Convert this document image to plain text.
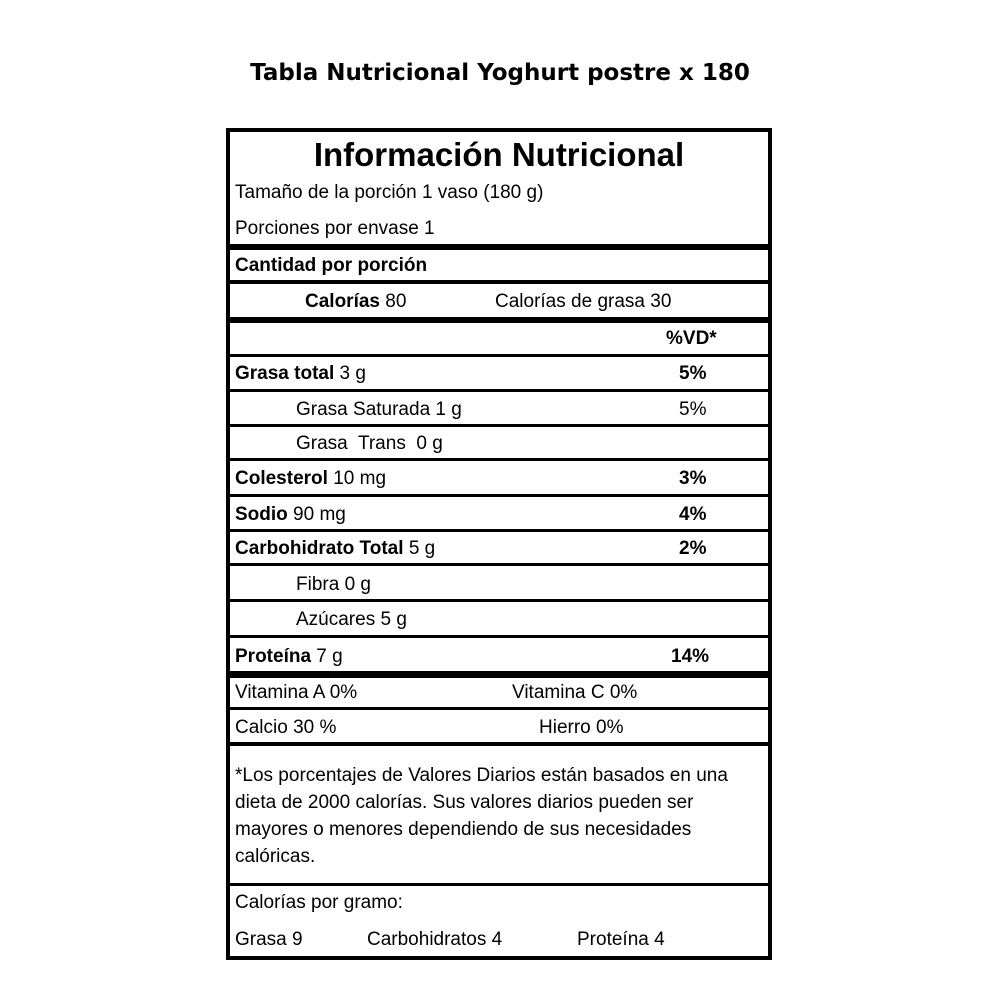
Tabla Nutricional Yoghurt postre x 180
Información Nutricional
Tamaño de la porción 1 vaso (180 g)
Porciones por envase 1
Cantidad por porción
Calorías 80	Calorías de grasa 30
%VD*
Grasa total 3 g	5%
Grasa Saturada 1 g	5%
Grasa  Trans  0 g
Colesterol 10 mg	3%
Sodio 90 mg	4%
Carbohidrato Total 5 g	2%
Fibra 0 g
Azúcares 5 g
Proteína 7 g	14%
Vitamina A 0%	Vitamina C 0%
Calcio 30 %	Hierro 0%
*Los porcentajes de Valores Diarios están basados en una dieta de 2000 calorías. Sus valores diarios pueden ser mayores o menores dependiendo de sus necesidades calóricas.
Calorías por gramo:
Grasa 9	Carbohidratos 4	Proteína 4
